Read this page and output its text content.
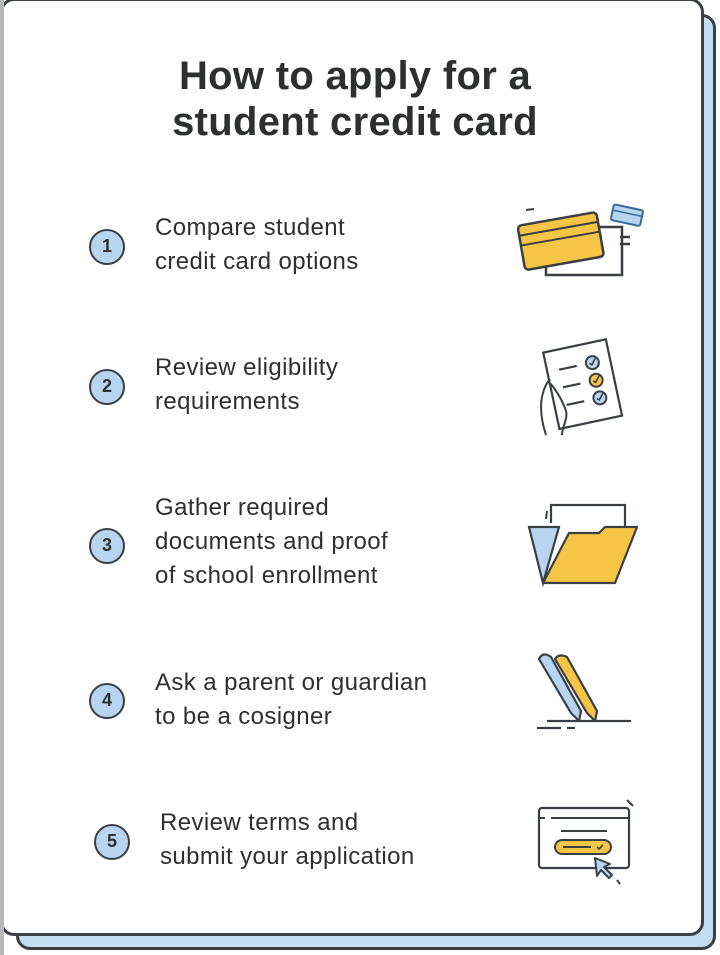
How to apply for a
student credit card
1
Compare student
credit card options
2
Review eligibility
requirements
3
Gather required
documents and proof
of school enrollment
4
Ask a parent or guardian
to be a cosigner
5
Review terms and
submit your application
